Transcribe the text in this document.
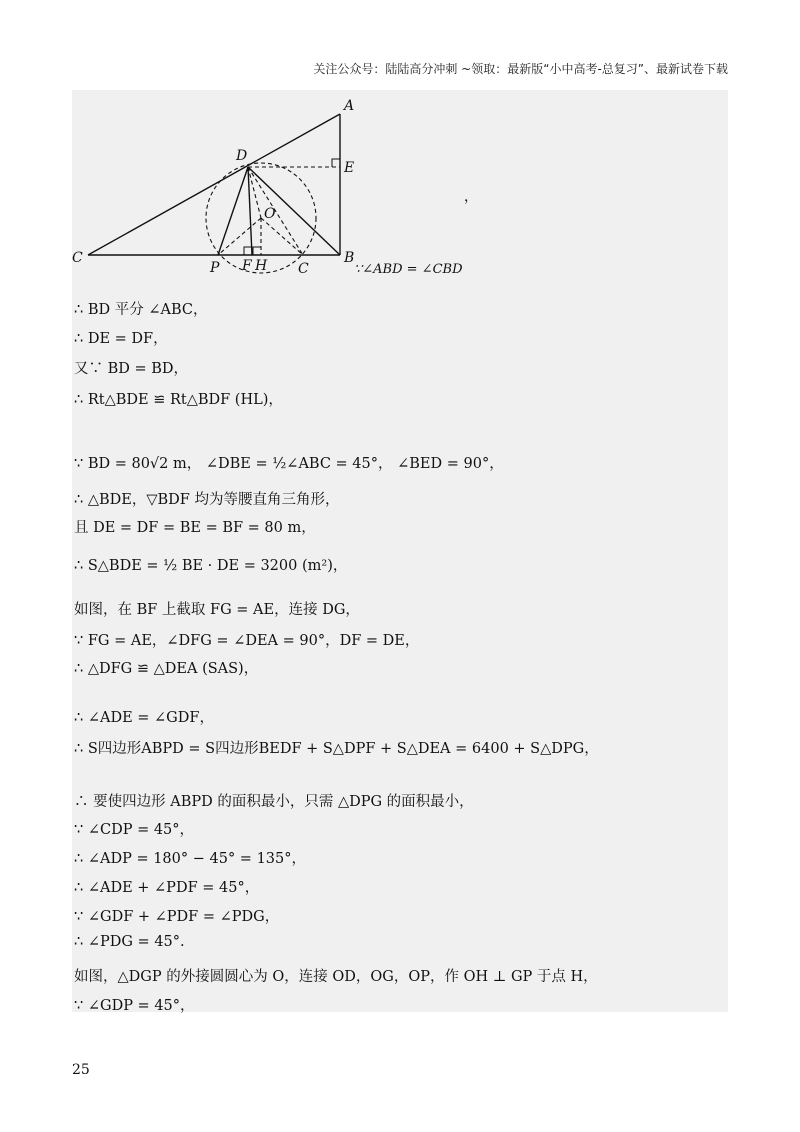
关注公众号：陆陆高分冲刺 ~领取：最新版“小中高考-总复习”、最新试卷下载
A
B
C
D
E
O
P F H C
，
∵∠ABD = ∠CBD
∴ BD 平分 ∠ABC，
∴ DE = DF，
又∵ BD = BD，
∴ Rt△BDE ≌ Rt△BDF (HL)，
∵ BD = 80√2 m， ∠DBE = ½∠ABC = 45°， ∠BED = 90°，
∴ △BDE，▽BDF 均为等腰直角三角形，
且 DE = DF = BE = BF = 80 m，
∴ S△BDE = ½ BE · DE = 3200 (m²)，
如图，在 BF 上截取 FG = AE，连接 DG，
∵ FG = AE，∠DFG = ∠DEA = 90°，DF = DE，
∴ △DFG ≌ △DEA (SAS)，
∴ ∠ADE = ∠GDF，
∴ S四边形ABPD = S四边形BEDF + S△DPF + S△DEA = 6400 + S△DPG，
∴ 要使四边形 ABPD 的面积最小，只需 △DPG 的面积最小，
∵ ∠CDP = 45°，
∴ ∠ADP = 180° − 45° = 135°，
∴ ∠ADE + ∠PDF = 45°，
∵ ∠GDF + ∠PDF = ∠PDG，
∴ ∠PDG = 45°.
如图，△DGP 的外接圆圆心为 O，连接 OD，OG，OP，作 OH ⊥ GP 于点 H，
∵ ∠GDP = 45°，
25
